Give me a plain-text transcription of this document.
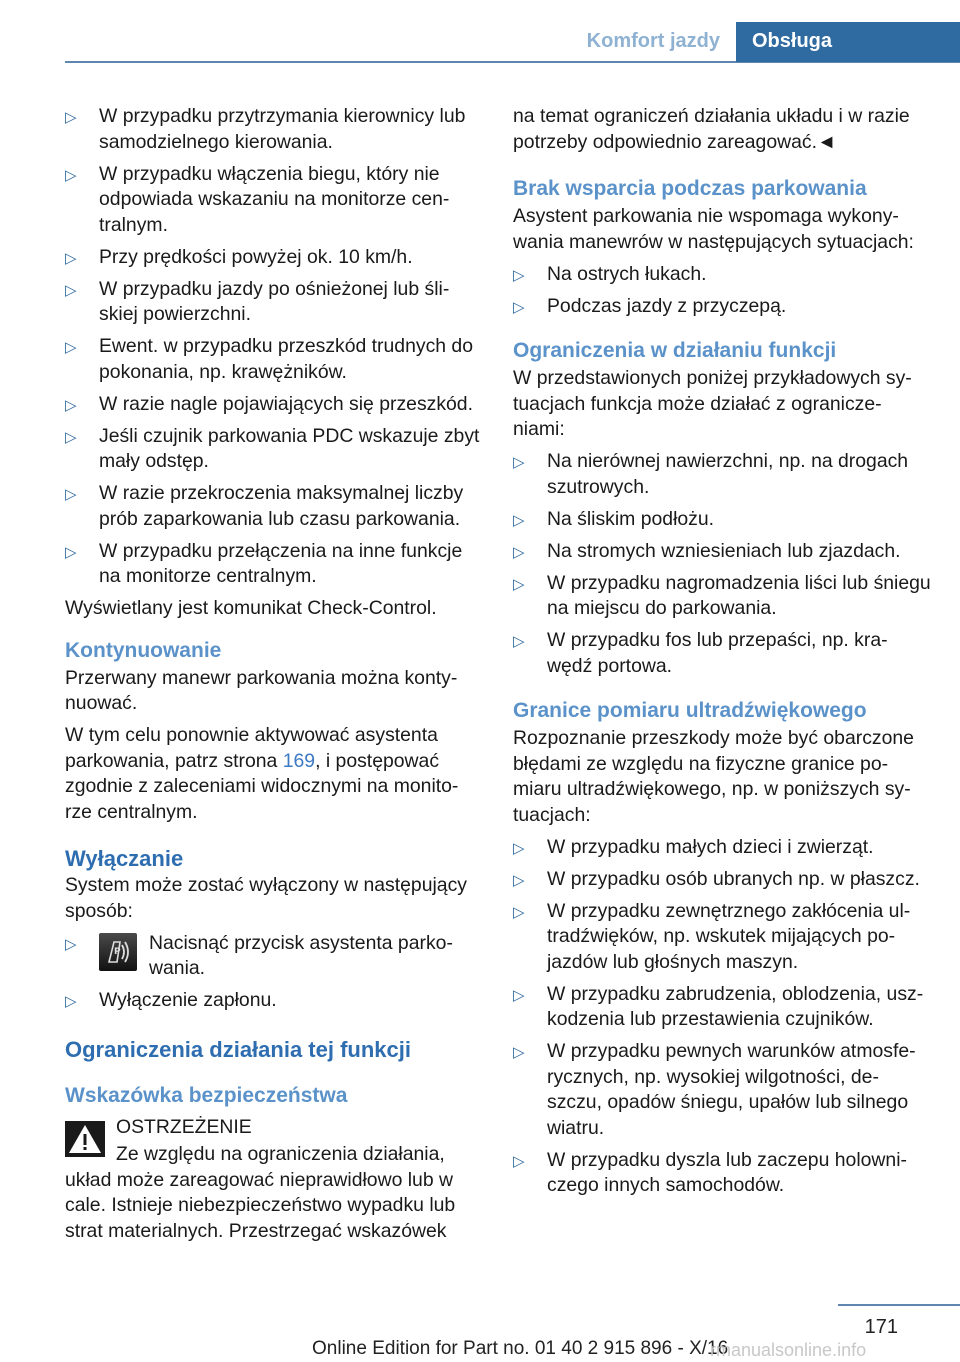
Komfort jazdy	Obsługa
▷ W przypadku przytrzymania kierownicy lub samodzielnego kierowania.
▷ W przypadku włączenia biegu, który nie odpowiada wskazaniu na monitorze cen‐ tralnym.
▷ Przy prędkości powyżej ok. 10 km/h.
▷ W przypadku jazdy po ośnieżonej lub śli‐ skiej powierzchni.
▷ Ewent. w przypadku przeszkód trudnych do pokonania, np. krawężników.
▷ W razie nagle pojawiających się przeszkód.
▷ Jeśli czujnik parkowania PDC wskazuje zbyt mały odstęp.
▷ W razie przekroczenia maksymalnej liczby prób zaparkowania lub czasu parkowania.
▷ W przypadku przełączenia na inne funkcje na monitorze centralnym.

Wyświetlany jest komunikat Check-Control.

Kontynuowanie

Przerwany manewr parkowania można konty‐ nuować.

W tym celu ponownie aktywować asystenta parkowania, patrz strona 169, i postępować zgodnie z zaleceniami widocznymi na monito‐ rze centralnym.

Wyłączanie

System może zostać wyłączony w następujący sposób:

▷	P Nacisnąć przycisk asystenta parko‐ wania.
▷ Wyłączenie zapłonu.
Ograniczenia działania tej funkcji
Wskazówka bezpieczeństwa

OSTRZEŻENIE

Ze względu na ograniczenia działania,

układ może zareagować nieprawidłowo lub w cale. Istnieje niebezpieczeństwo wypadku lub strat materialnych. Przestrzegać wskazówek

na temat ograniczeń działania układu i w razie potrzeby odpowiednio zareagować.◄

Brak wsparcia podczas parkowania

Asystent parkowania nie wspomaga wykony‐ wania manewrów w następujących sytuacjach:

▷ Na ostrych łukach.
▷ Podczas jazdy z przyczepą.
Ograniczenia w działaniu funkcji

W przedstawionych poniżej przykładowych sy‐ tuacjach funkcja może działać z ograniczе‐ niami:

▷ Na nierównej nawierzchni, np. na drogach szutrowych.
▷ Na śliskim podłożu.
▷ Na stromych wzniesieniach lub zjazdach.
▷ W przypadku nagromadzenia liści lub śniegu na miejscu do parkowania.
▷ W przypadku fos lub przepaści, np. kra‐ wędź portowa.
Granice pomiaru ultradźwiękowego

Rozpoznanie przeszkody może być obarczone błędami ze względu na fizyczne granice po‐ miaru ultradźwiękowego, np. w poniższych sy‐ tuacjach:

▷ W przypadku małych dzieci i zwierząt.
▷ W przypadku osób ubranych np. w płaszcz.
▷ W przypadku zewnętrznego zakłócenia ul‐ tradźwięków, np. wskutek mijających po‐ jazdów lub głośnych maszyn.
▷ W przypadku zabrudzenia, oblodzenia, usz‐ kodzenia lub przestawienia czujników.
▷ W przypadku pewnych warunków atmosfe‐ rycznych, np. wysokiej wilgotności, de‐ szczu, opadów śniegu, upałów lub silnego wiatru.
▷ W przypadku dyszla lub zaczepu holowni‐ czego innych samochodów.
171
Online Edition for Part no. 01 40 2 915 896 - X/16
rmanualsonline.info
